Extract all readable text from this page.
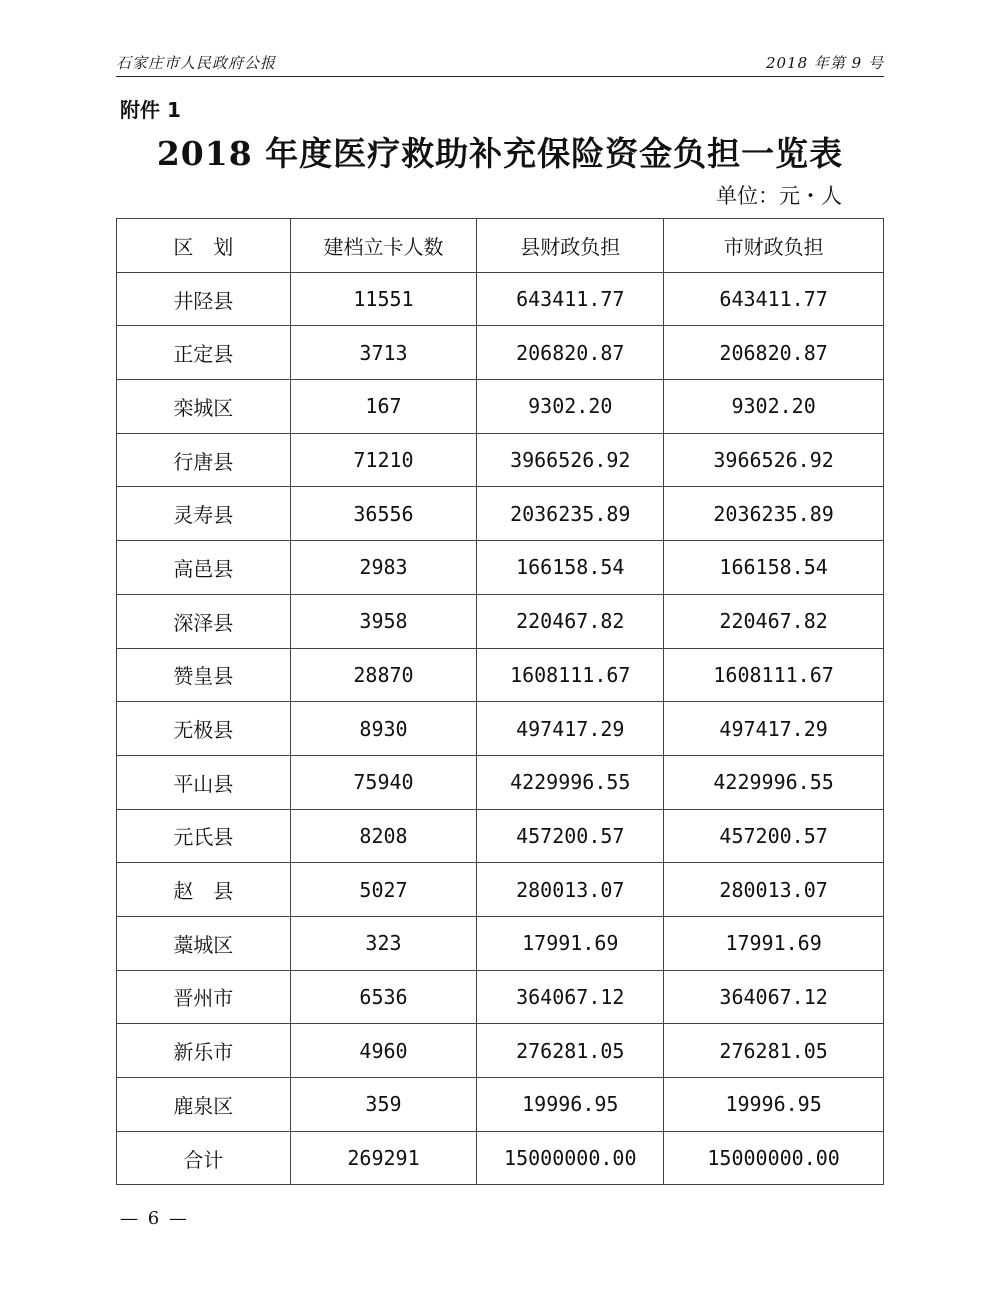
石家庄市人民政府公报	2018 年第 9 号
附件 1
2018 年度医疗救助补充保险资金负担一览表
单位：元・人
区　划	建档立卡人数	县财政负担	市财政负担
井陉县	11551	643411.77	643411.77
正定县	3713	206820.87	206820.87
栾城区	167	9302.20	9302.20
行唐县	71210	3966526.92	3966526.92
灵寿县	36556	2036235.89	2036235.89
高邑县	2983	166158.54	166158.54
深泽县	3958	220467.82	220467.82
赞皇县	28870	1608111.67	1608111.67
无极县	8930	497417.29	497417.29
平山县	75940	4229996.55	4229996.55
元氏县	8208	457200.57	457200.57
赵　县	5027	280013.07	280013.07
藁城区	323	17991.69	17991.69
晋州市	6536	364067.12	364067.12
新乐市	4960	276281.05	276281.05
鹿泉区	359	19996.95	19996.95
合计	269291	15000000.00	15000000.00
— 6 —
